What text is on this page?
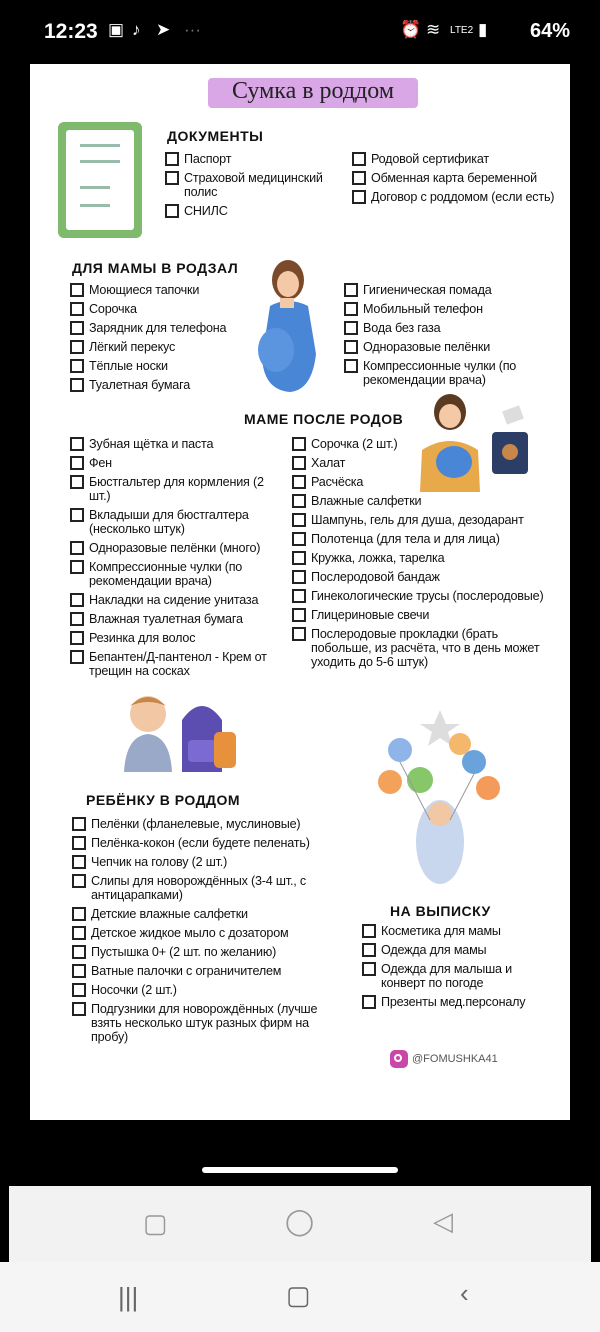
12:23 ▣ ♪ ➤ ···	⏰ ≋ LTE2 ▮ 64%
Сумка в роддом
ДОКУМЕНТЫ
Паспорт
Страховой медицинский полис
СНИЛС
Родовой сертификат
Обменная карта беременной
Договор с роддомом (если есть)
ДЛЯ МАМЫ В РОДЗАЛ
Моющиеся тапочки
Сорочка
Зарядник для телефона
Лёгкий перекус
Тёплые носки
Туалетная бумага
Гигиеническая помада
Мобильный телефон
Вода без газа
Одноразовые пелёнки
Компрессионные чулки (по рекомендации врача)
МАМЕ ПОСЛЕ РОДОВ
Зубная щётка и паста
Фен
Бюстгальтер для кормления (2 шт.)
Вкладыши для бюстгалтера (несколько штук)
Одноразовые пелёнки (много)
Компрессионные чулки (по рекомендации врача)
Накладки на сидение унитаза
Влажная туалетная бумага
Резинка для волос
Бепантен/Д-пантенол - Крем от трещин на сосках
Сорочка (2 шт.)
Халат
Расчёска
Влажные салфетки
Шампунь, гель для душа, дезодарант
Полотенца (для тела и для лица)
Кружка, ложка, тарелка
Послеродовой бандаж
Гинекологические трусы (послеродовые)
Глицериновые свечи
Послеродовые прокладки (брать побольше, из расчёта, что в день может уходить до 5-6 штук)
РЕБЁНКУ В РОДДОМ
Пелёнки (фланелевые, муслиновые)
Пелёнка-кокон (если будете пеленать)
Чепчик на голову (2 шт.)
Слипы для новорождённых (3-4 шт., с антицарапками)
Детские влажные салфетки
Детское жидкое мыло с дозатором
Пустышка 0+ (2 шт. по желанию)
Ватные палочки с ограничителем
Носочки (2 шт.)
Подгузники для новорождённых (лучше взять несколько штук разных фирм на пробу)
НА ВЫПИСКУ
Косметика для мамы
Одежда для мамы
Одежда для малыша и конверт по погоде
Презенты мед.персоналу
@FOMUSHKA41
▢	◯	◁
|||	▢	‹
